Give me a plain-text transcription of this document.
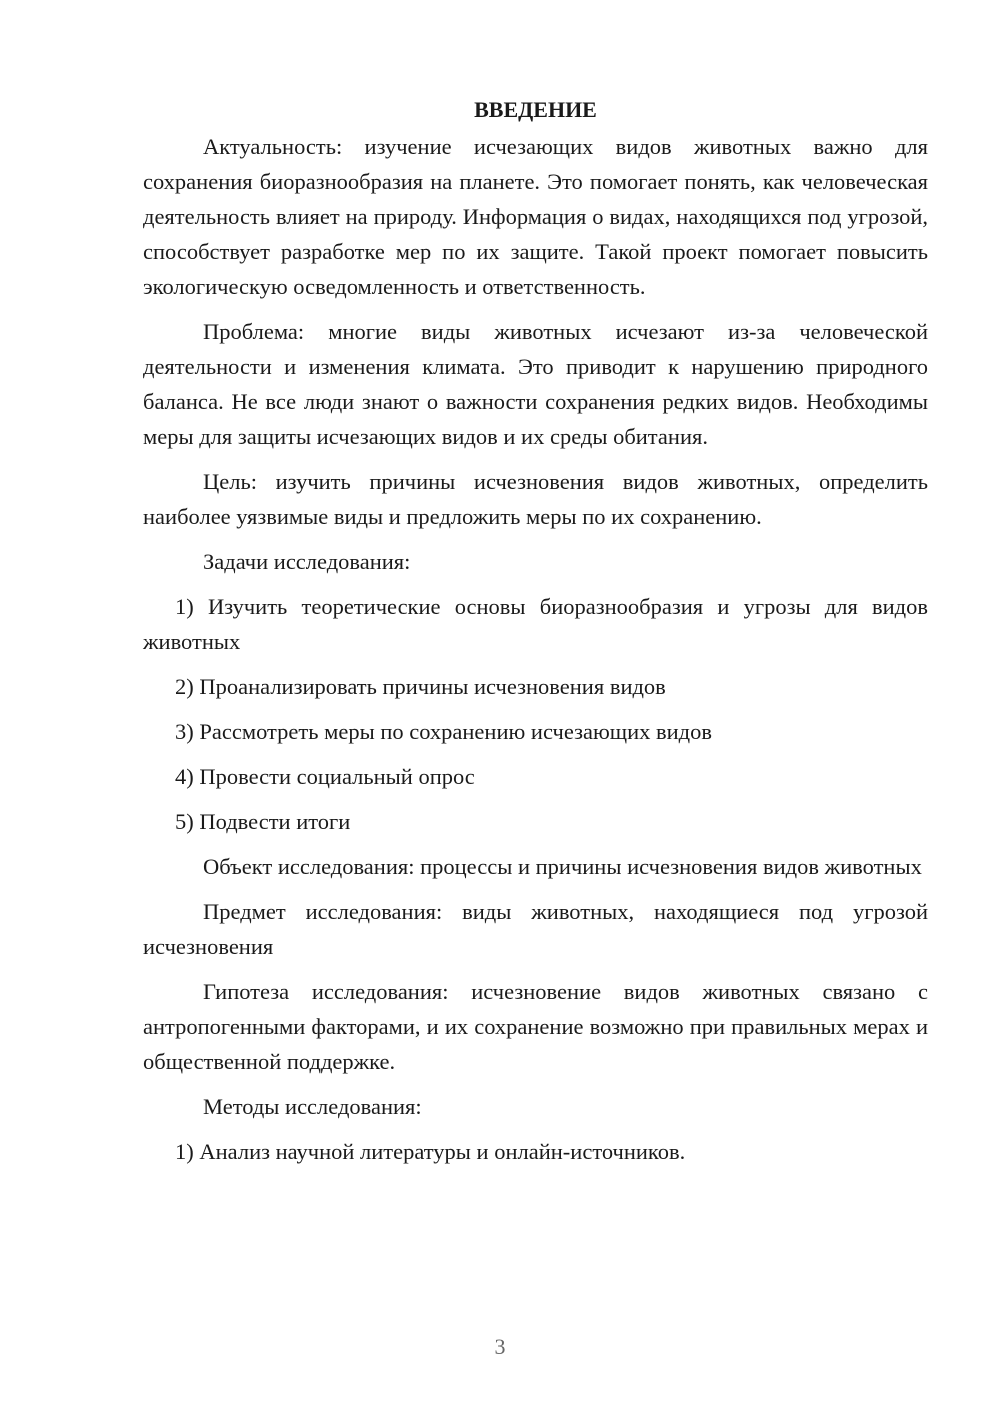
ВВЕДЕНИЕ

Актуальность: изучение исчезающих видов животных важно для сохранения биоразнообразия на планете. Это помогает понять, как человеческая деятельность влияет на природу. Информация о видах, находящихся под угрозой, способствует разработке мер по их защите. Такой проект помогает повысить экологическую осведомленность и ответственность.

Проблема: многие виды животных исчезают из-за человеческой деятельности и изменения климата. Это приводит к нарушению природного баланса. Не все люди знают о важности сохранения редких видов. Необходимы меры для защиты исчезающих видов и их среды обитания.

Цель: изучить причины исчезновения видов животных, определить наиболее уязвимые виды и предложить меры по их сохранению.

Задачи исследования:

1) Изучить теоретические основы биоразнообразия и угрозы для видов животных

2) Проанализировать причины исчезновения видов

3) Рассмотреть меры по сохранению исчезающих видов

4) Провести социальный опрос

5) Подвести итоги

Объект исследования: процессы и причины исчезновения видов животных

Предмет исследования: виды животных, находящиеся под угрозой исчезновения

Гипотеза исследования: исчезновение видов животных связано с антропогенными факторами, и их сохранение возможно при правильных мерах и общественной поддержке.

Методы исследования:

1) Анализ научной литературы и онлайн-источников.

3
